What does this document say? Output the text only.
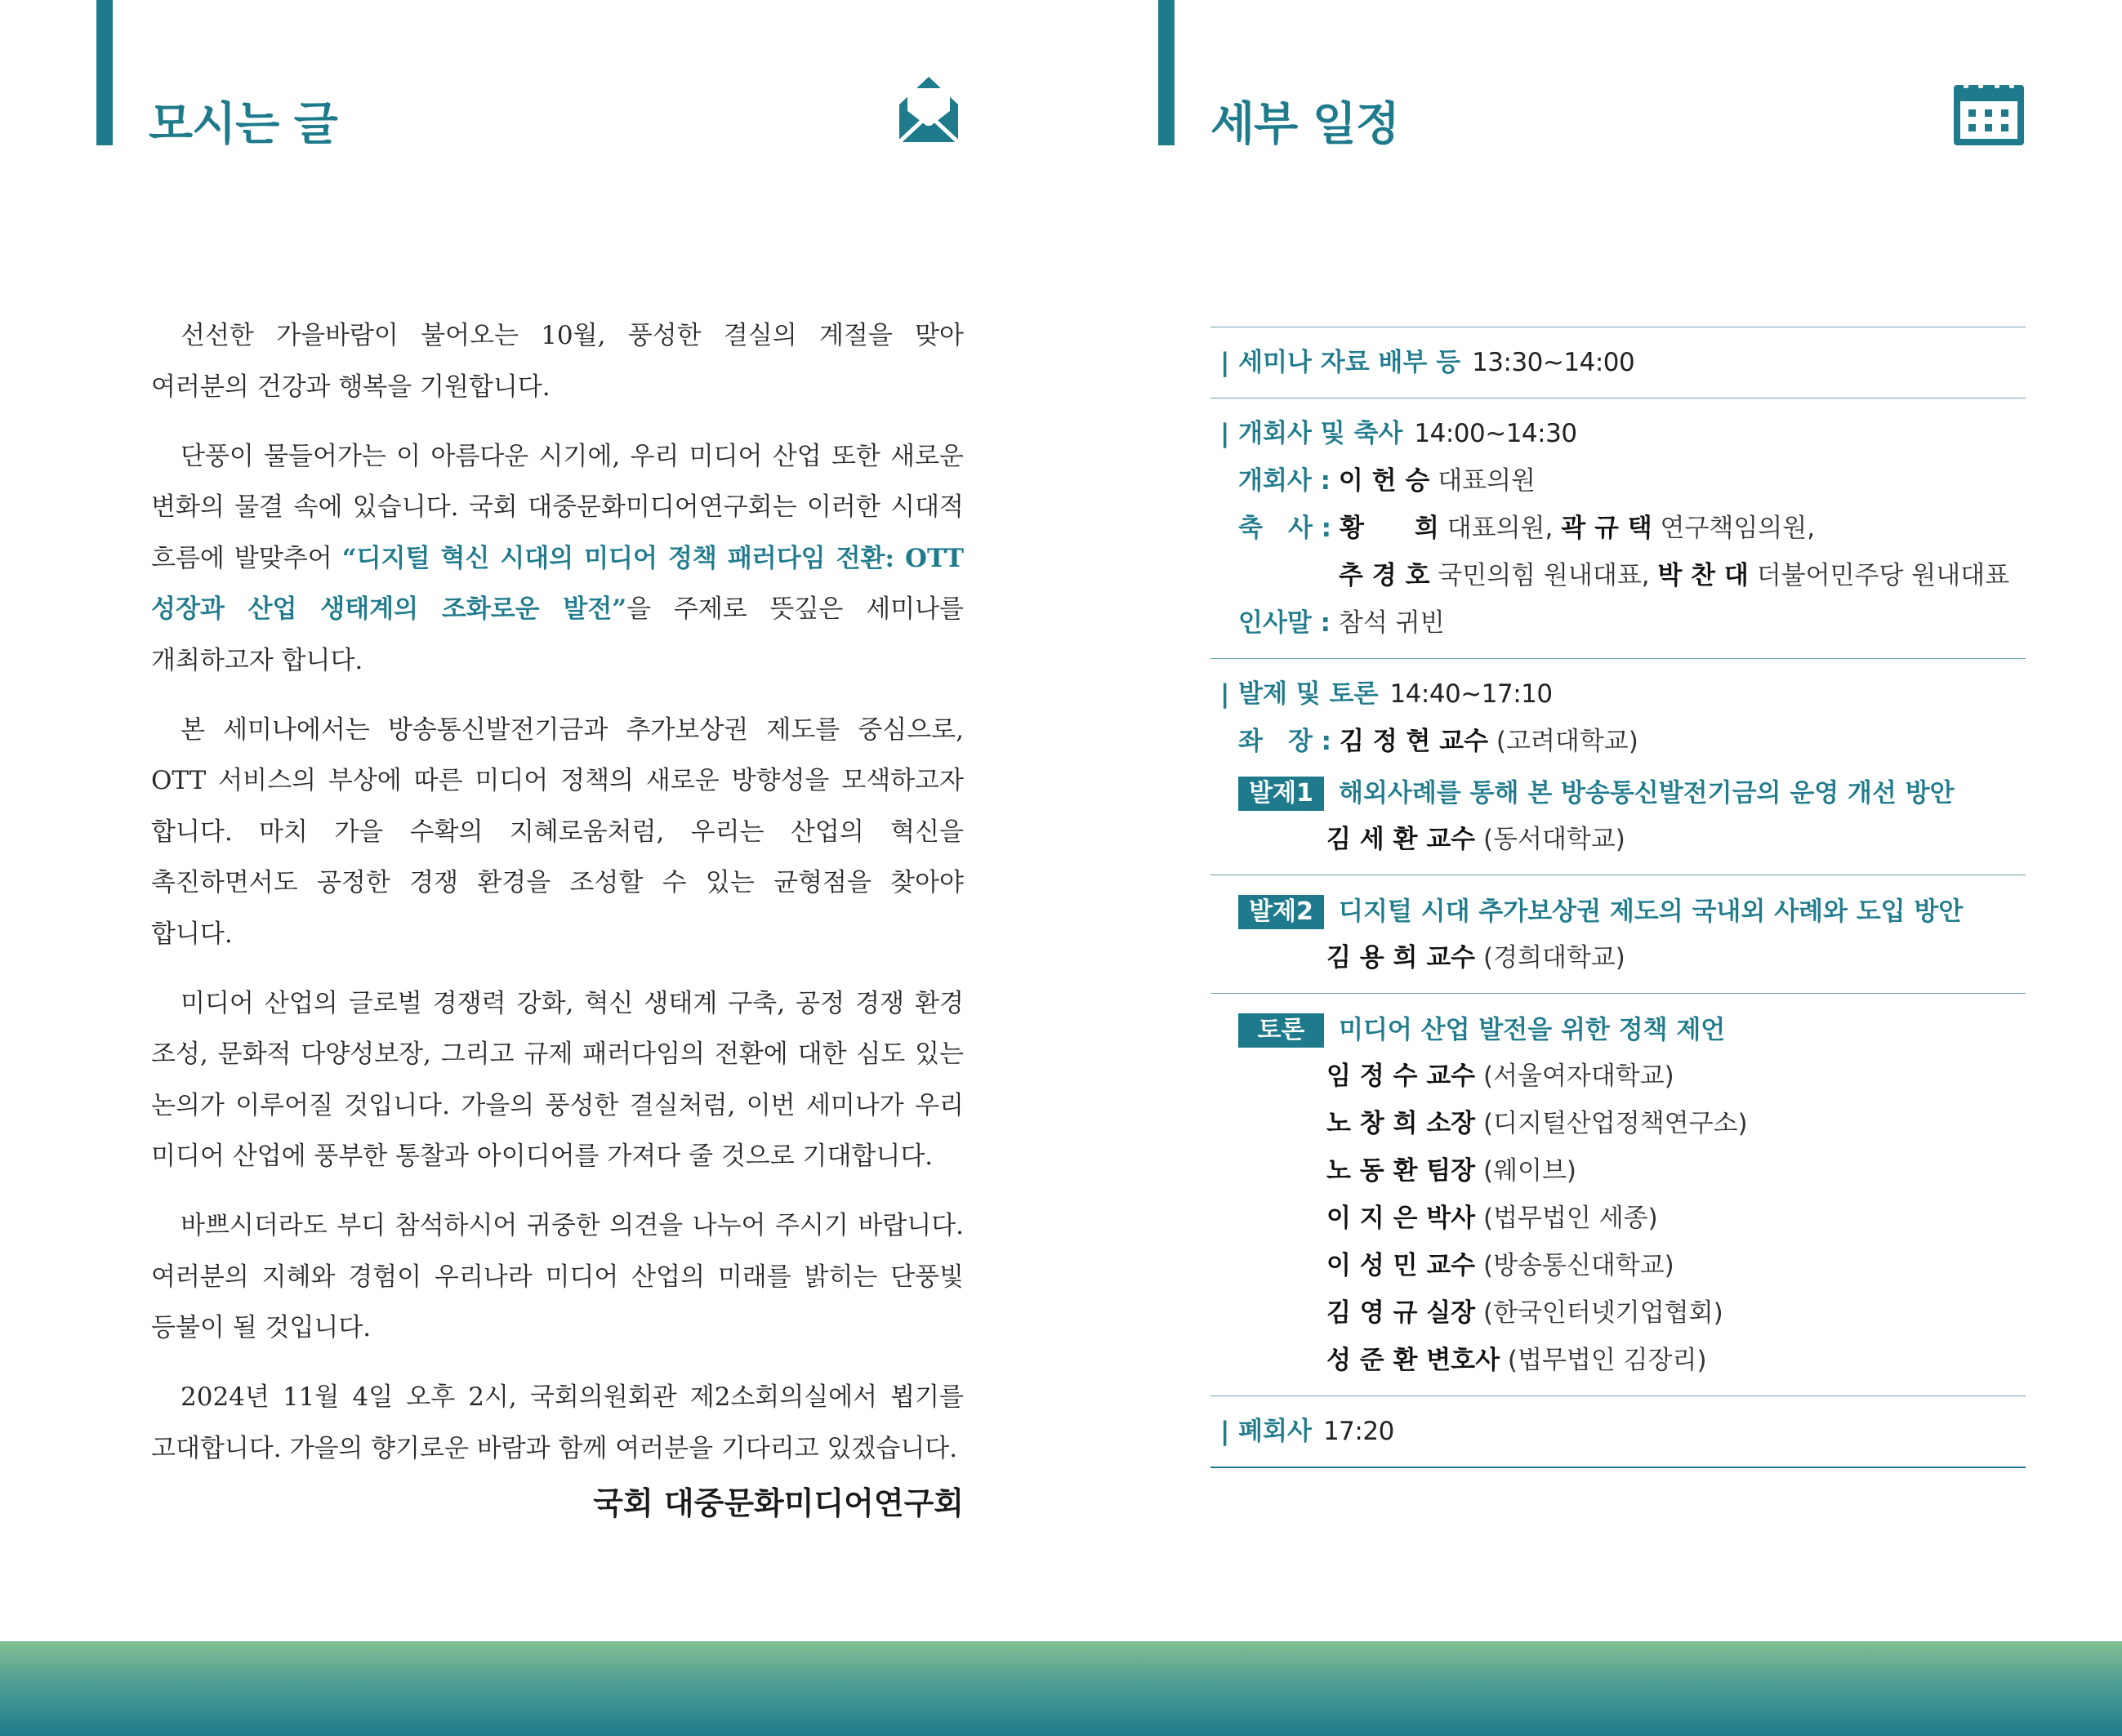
모시는 글	세부 일정

선선한 가을바람이 불어오는 10월, 풍성한 결실의 계절을 맞아 여러분의 건강과 행복을 기원합니다.

단풍이 물들어가는 이 아름다운 시기에, 우리 미디어 산업 또한 새로운 변화의 물결 속에 있습니다. 국회 대중문화미디어연구회는 이러한 시대적 흐름에 발맞추어 “디지털 혁신 시대의 미디어 정책 패러다임 전환: OTT 성장과 산업 생태계의 조화로운 발전”을 주제로 뜻깊은 세미나를 개최하고자 합니다.

본 세미나에서는 방송통신발전기금과 추가보상권 제도를 중심으로, OTT 서비스의 부상에 따른 미디어 정책의 새로운 방향성을 모색하고자 합니다. 마치 가을 수확의 지혜로움처럼, 우리는 산업의 혁신을 촉진하면서도 공정한 경쟁 환경을 조성할 수 있는 균형점을 찾아야 합니다.

미디어 산업의 글로벌 경쟁력 강화, 혁신 생태계 구축, 공정 경쟁 환경 조성, 문화적 다양성보장, 그리고 규제 패러다임의 전환에 대한 심도 있는 논의가 이루어질 것입니다. 가을의 풍성한 결실처럼, 이번 세미나가 우리 미디어 산업에 풍부한 통찰과 아이디어를 가져다 줄 것으로 기대합니다.

바쁘시더라도 부디 참석하시어 귀중한 의견을 나누어 주시기 바랍니다. 여러분의 지혜와 경험이 우리나라 미디어 산업의 미래를 밝히는 단풍빛 등불이 될 것입니다.

2024년 11월 4일 오후 2시, 국회의원회관 제2소회의실에서 뵙기를 고대합니다. 가을의 향기로운 바람과 함께 여러분을 기다리고 있겠습니다.

국회 대중문화미디어연구회
| 세미나 자료 배부 등 13:30~14:00
| 개회사 및 축사 14:00~14:30
개회사 : 이 헌 승 대표의원
축　사 : 황　　희 대표의원, 곽 규 택 연구책임의원,
추 경 호 국민의힘 원내대표, 박 찬 대 더불어민주당 원내대표
인사말 : 참석 귀빈
| 발제 및 토론 14:40~17:10
좌　장 : 김 정 현 교수 (고려대학교)
발제1 해외사례를 통해 본 방송통신발전기금의 운영 개선 방안
김 세 환 교수 (동서대학교)
발제2 디지털 시대 추가보상권 제도의 국내외 사례와 도입 방안
김 용 희 교수 (경희대학교)
토론 미디어 산업 발전을 위한 정책 제언
임 정 수 교수 (서울여자대학교)
노 창 희 소장 (디지털산업정책연구소)
노 동 환 팀장 (웨이브)
이 지 은 박사 (법무법인 세종)
이 성 민 교수 (방송통신대학교)
김 영 규 실장 (한국인터넷기업협회)
성 준 환 변호사 (법무법인 김장리)
| 폐회사 17:20
